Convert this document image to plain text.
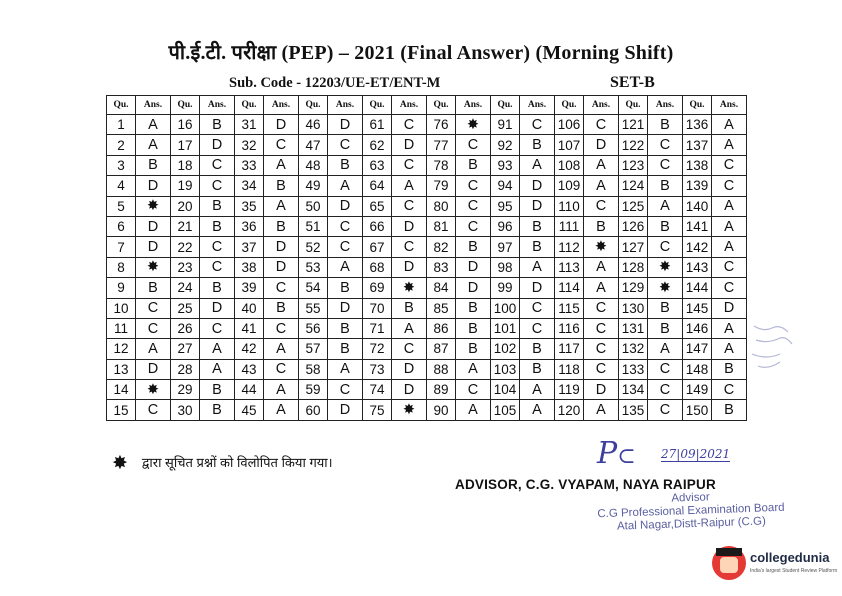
पी.ई.टी. परीक्षा (PEP) – 2021 (Final Answer) (Morning Shift)
Sub. Code - 12203/UE-ET/ENT-M	SET-B
Qu.	Ans.	Qu.	Ans.	Qu.	Ans.	Qu.	Ans.	Qu.	Ans.	Qu.	Ans.	Qu.	Ans.	Qu.	Ans.	Qu.	Ans.	Qu.	Ans.
1	A	16	B	31	D	46	D	61	C	76	✸	91	C	106	C	121	B	136	A
2	A	17	D	32	C	47	C	62	D	77	C	92	B	107	D	122	C	137	A
3	B	18	C	33	A	48	B	63	C	78	B	93	A	108	A	123	C	138	C
4	D	19	C	34	B	49	A	64	A	79	C	94	D	109	A	124	B	139	C
5	✸	20	B	35	A	50	D	65	C	80	C	95	D	110	C	125	A	140	A
6	D	21	B	36	B	51	C	66	D	81	C	96	B	111	B	126	B	141	A
7	D	22	C	37	D	52	C	67	C	82	B	97	B	112	✸	127	C	142	A
8	✸	23	C	38	D	53	A	68	D	83	D	98	A	113	A	128	✸	143	C
9	B	24	B	39	C	54	B	69	✸	84	D	99	D	114	A	129	✸	144	C
10	C	25	D	40	B	55	D	70	B	85	B	100	C	115	C	130	B	145	D
11	C	26	C	41	C	56	B	71	A	86	B	101	C	116	C	131	B	146	A
12	A	27	A	42	A	57	B	72	C	87	B	102	B	117	C	132	A	147	A
13	D	28	A	43	C	58	A	73	D	88	A	103	B	118	C	133	C	148	B
14	✸	29	B	44	A	59	C	74	D	89	C	104	A	119	D	134	C	149	C
15	C	30	B	45	A	60	D	75	✸	90	A	105	A	120	A	135	C	150	B
✸ द्वारा सूचित प्रश्नों को विलोपित किया गया।	P⊂ 27|09|2021
ADVISOR, C.G. VYAPAM, NAYA RAIPUR
Advisor
C.G Professional Examination Board
Atal Nagar,Distt-Raipur (C.G)
collegedunia
India's largest Student Review Platform
